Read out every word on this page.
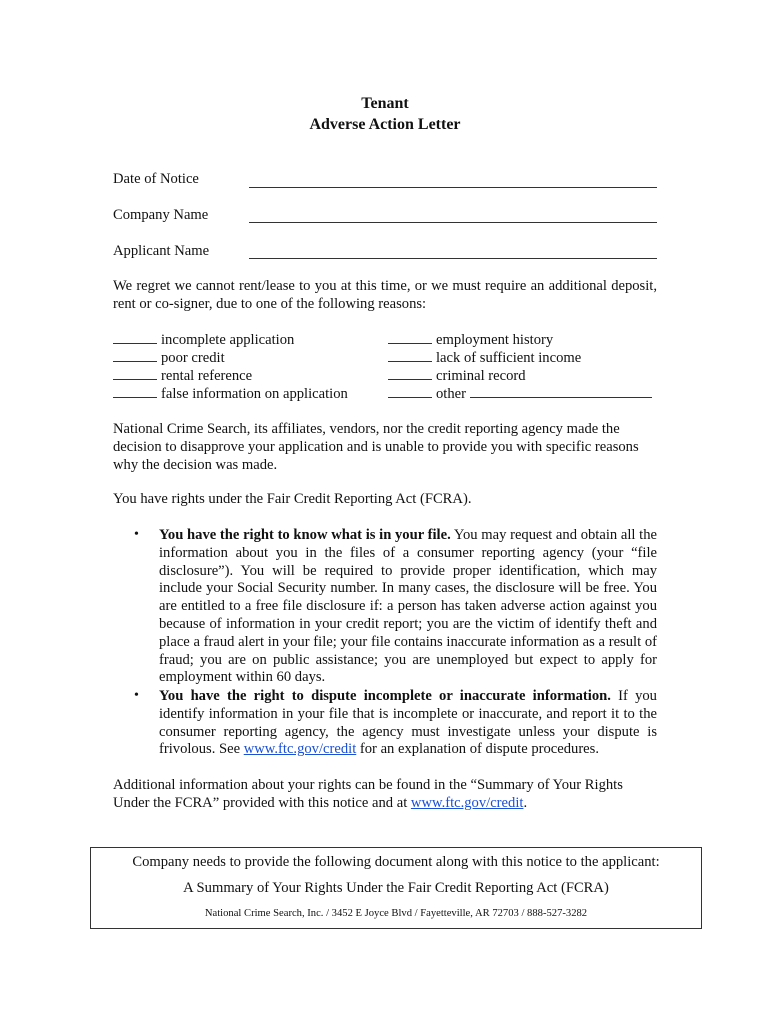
Tenant
Adverse Action Letter
Date of Notice
Company Name
Applicant Name
We regret we cannot rent/lease to you at this time, or we must require an additional deposit, rent or co-signer, due to one of the following reasons:
incomplete application
poor credit
rental reference
false information on application
employment history
lack of sufficient income
criminal record
other
National Crime Search, its affiliates, vendors, nor the credit reporting agency made the decision to disapprove your application and is unable to provide you with specific reasons why the decision was made.
You have rights under the Fair Credit Reporting Act (FCRA).
• You have the right to know what is in your file. You may request and obtain all the information about you in the files of a consumer reporting agency (your “file disclosure”). You will be required to provide proper identification, which may include your Social Security number. In many cases, the disclosure will be free. You are entitled to a free file disclosure if: a person has taken adverse action against you because of information in your credit report; you are the victim of identify theft and place a fraud alert in your file; your file contains inaccurate information as a result of fraud; you are on public assistance; you are unemployed but expect to apply for employment within 60 days.
• You have the right to dispute incomplete or inaccurate information. If you identify information in your file that is incomplete or inaccurate, and report it to the consumer reporting agency, the agency must investigate unless your dispute is frivolous. See www.ftc.gov/credit for an explanation of dispute procedures.
Additional information about your rights can be found in the “Summary of Your Rights Under the FCRA” provided with this notice and at www.ftc.gov/credit.
Company needs to provide the following document along with this notice to the applicant:
A Summary of Your Rights Under the Fair Credit Reporting Act (FCRA)
National Crime Search, Inc. / 3452 E Joyce Blvd / Fayetteville, AR 72703 / 888-527-3282
